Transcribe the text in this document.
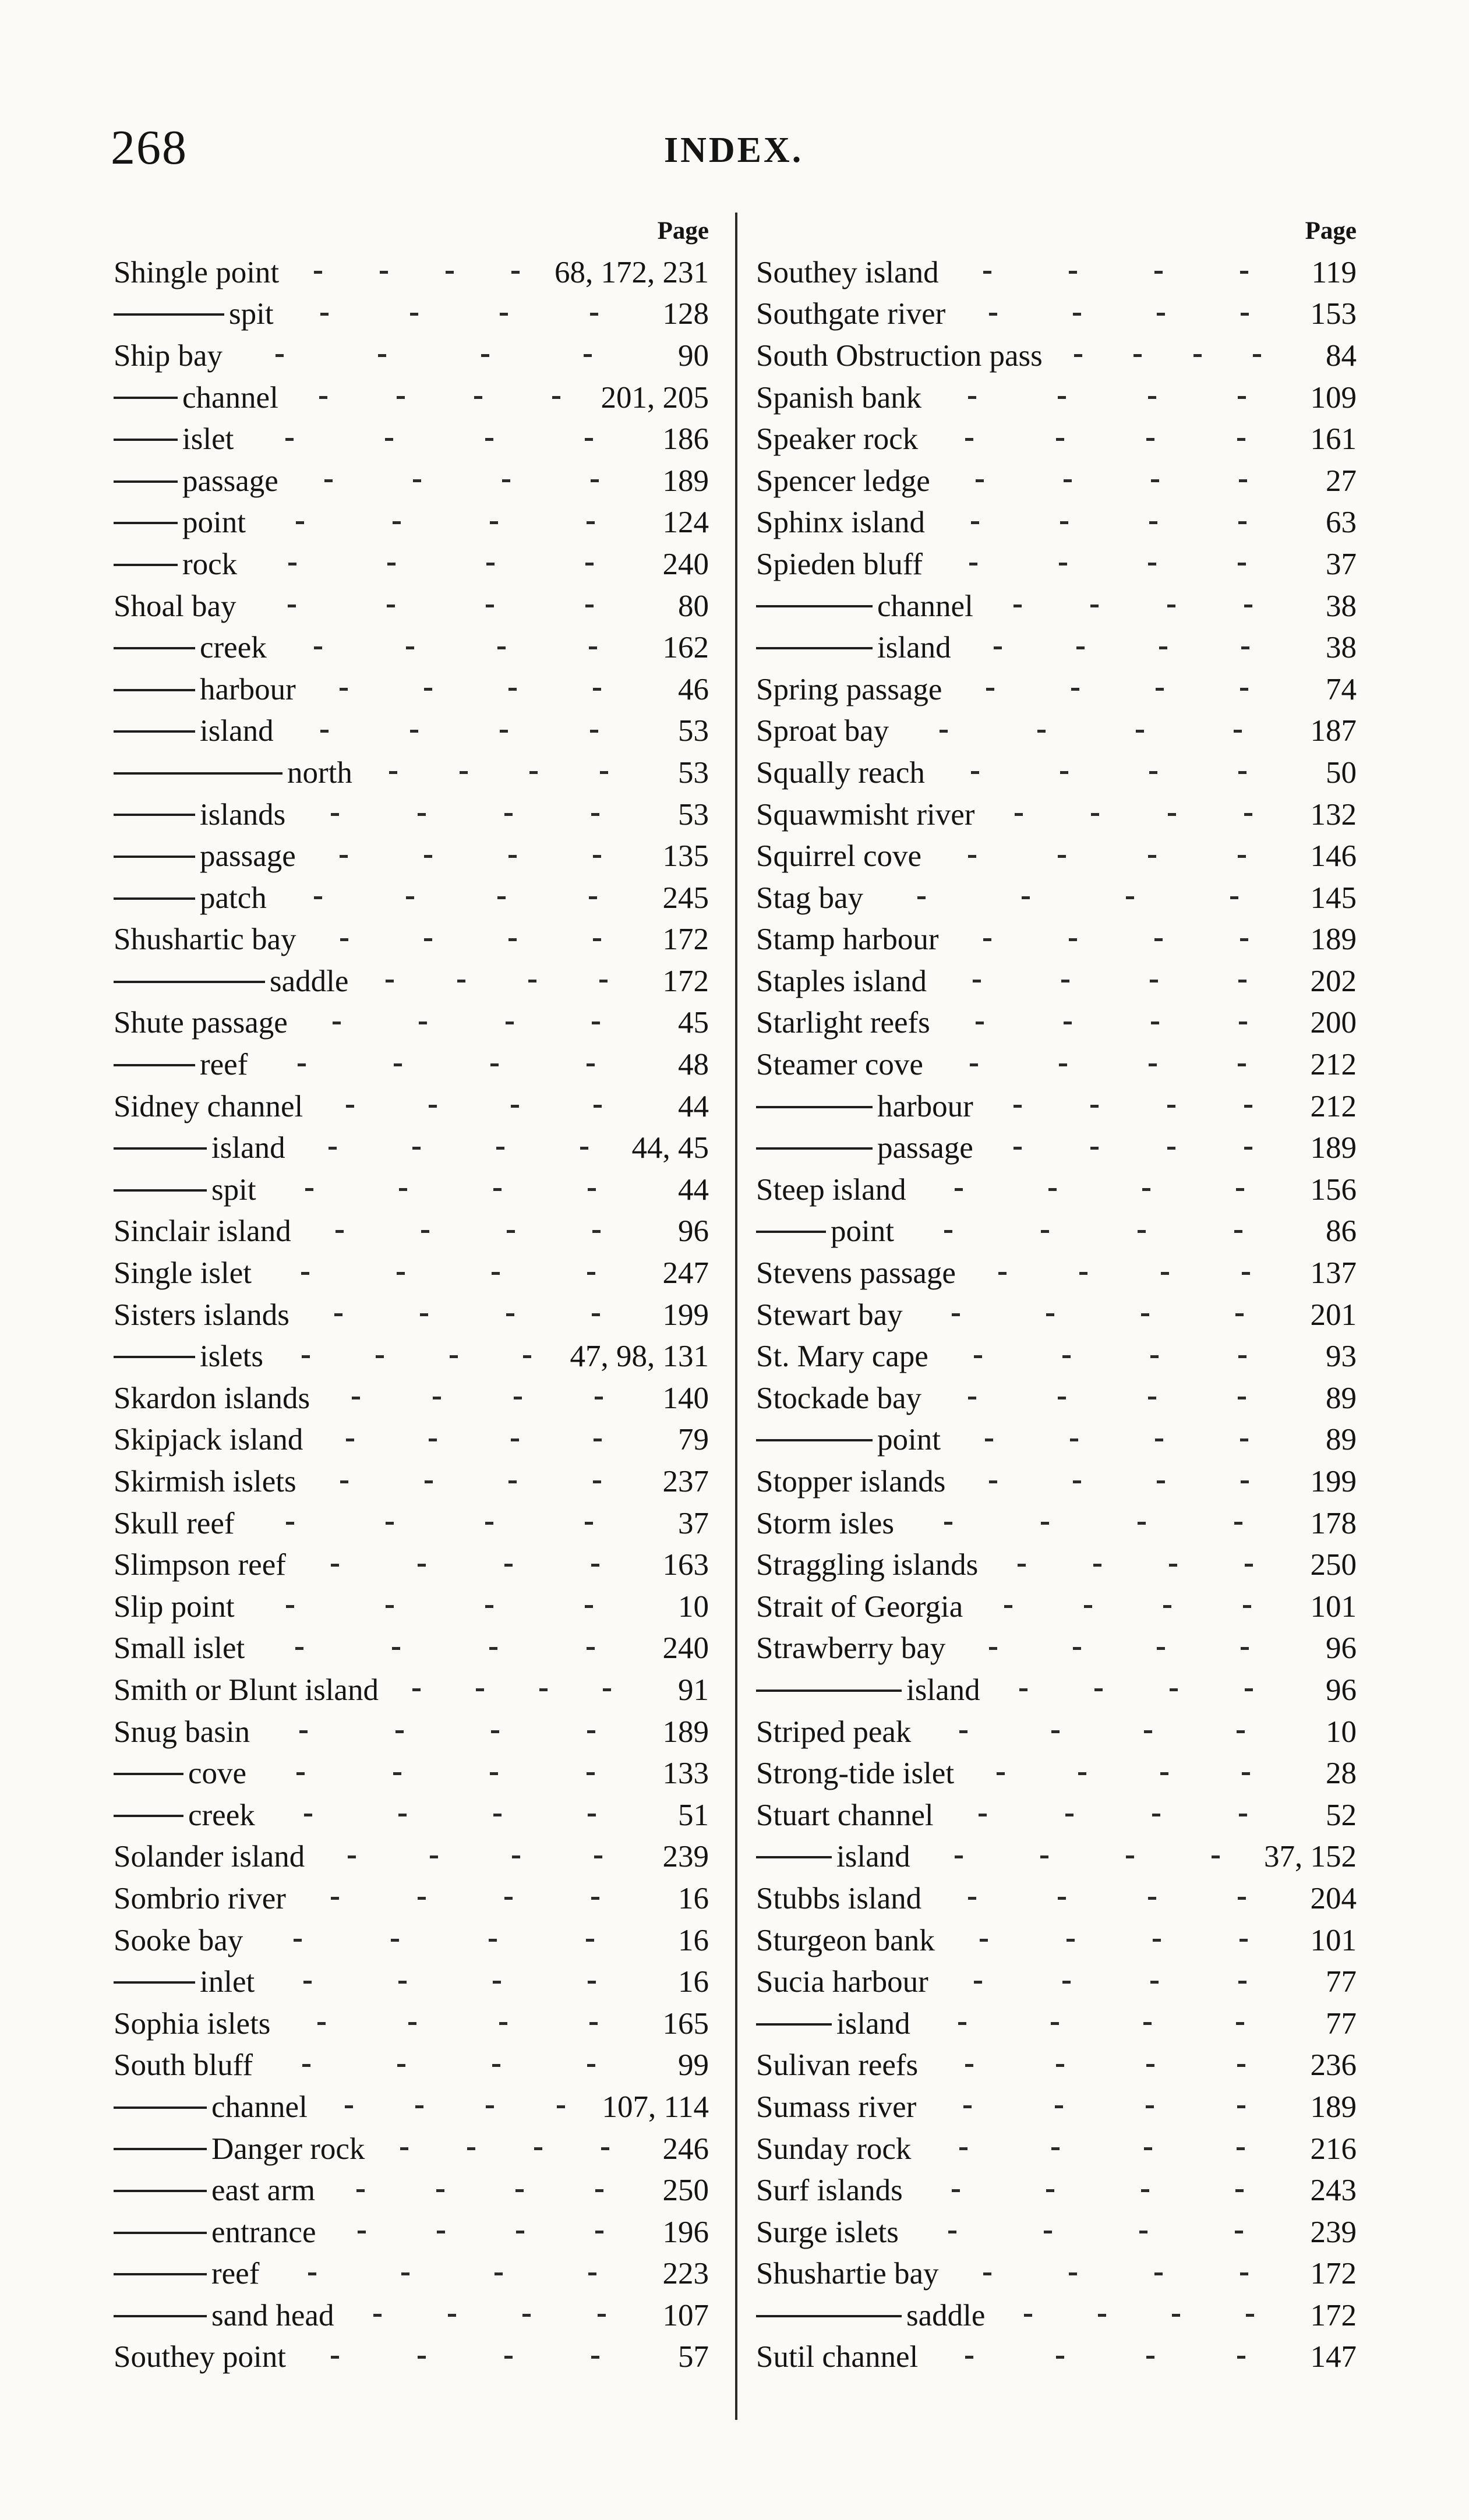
268	INDEX.
Page
Shingle point	68, 172, 231
spit	128
Ship bay	90
channel	201, 205
islet	186
passage	189
point	124
rock	240
Shoal bay	80
creek	162
harbour	46
island	53
north	53
islands	53
passage	135
patch	245
Shushartic bay	172
saddle	172
Shute passage	45
reef	48
Sidney channel	44
island	44, 45
spit	44
Sinclair island	96
Single islet	247
Sisters islands	199
islets	47, 98, 131
Skardon islands	140
Skipjack island	79
Skirmish islets	237
Skull reef	37
Slimpson reef	163
Slip point	10
Small islet	240
Smith or Blunt island	91
Snug basin	189
cove	133
creek	51
Solander island	239
Sombrio river	16
Sooke bay	16
inlet	16
Sophia islets	165
South bluff	99
channel	107, 114
Danger rock	246
east arm	250
entrance	196
reef	223
sand head	107
Southey point	57
Page
Southey island	119
Southgate river	153
South Obstruction pass	84
Spanish bank	109
Speaker rock	161
Spencer ledge	27
Sphinx island	63
Spieden bluff	37
channel	38
island	38
Spring passage	74
Sproat bay	187
Squally reach	50
Squawmisht river	132
Squirrel cove	146
Stag bay	145
Stamp harbour	189
Staples island	202
Starlight reefs	200
Steamer cove	212
harbour	212
passage	189
Steep island	156
point	86
Stevens passage	137
Stewart bay	201
St. Mary cape	93
Stockade bay	89
point	89
Stopper islands	199
Storm isles	178
Straggling islands	250
Strait of Georgia	101
Strawberry bay	96
island	96
Striped peak	10
Strong-tide islet	28
Stuart channel	52
island	37, 152
Stubbs island	204
Sturgeon bank	101
Sucia harbour	77
island	77
Sulivan reefs	236
Sumass river	189
Sunday rock	216
Surf islands	243
Surge islets	239
Shushartie bay	172
saddle	172
Sutil channel	147
